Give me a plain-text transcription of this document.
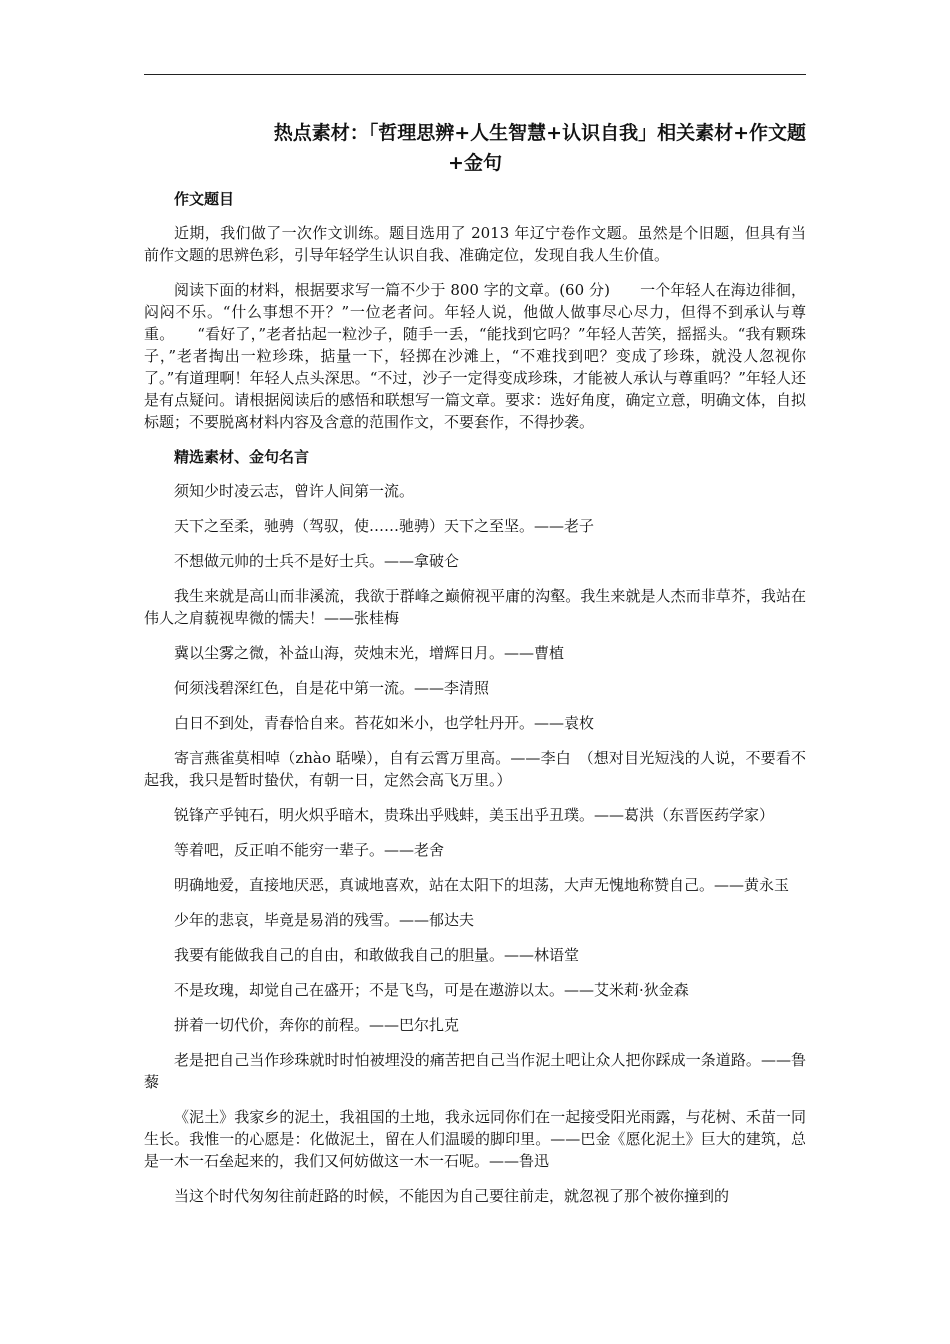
热点素材：「哲理思辨+人生智慧+认识自我」相关素材+作文题
+金句
作文题目

近期，我们做了一次作文训练。题目选用了 2013 年辽宁卷作文题。虽然是个旧题，但具有当前作文题的思辨色彩，引导年轻学生认识自我、准确定位，发现自我人生价值。

阅读下面的材料，根据要求写一篇不少于 800 字的文章。(60 分)　　一个年轻人在海边徘徊，闷闷不乐。“什么事想不开？”一位老者问。年轻人说，他做人做事尽心尽力，但得不到承认与尊重。　　“看好了，”老者拈起一粒沙子，随手一丢，“能找到它吗？”年轻人苦笑，摇摇头。“我有颗珠子，”老者掏出一粒珍珠，掂量一下，轻掷在沙滩上，“不难找到吧？变成了珍珠，就没人忽视你了。”有道理啊！年轻人点头深思。“不过，沙子一定得变成珍珠，才能被人承认与尊重吗？”年轻人还是有点疑问。请根据阅读后的感悟和联想写一篇文章。要求：选好角度，确定立意，明确文体，自拟标题；不要脱离材料内容及含意的范围作文，不要套作，不得抄袭。

精选素材、金句名言

须知少时凌云志，曾许人间第一流。

天下之至柔，驰骋（驾驭，使……驰骋）天下之至坚。——老子

不想做元帅的士兵不是好士兵。——拿破仑

我生来就是高山而非溪流，我欲于群峰之巅俯视平庸的沟壑。我生来就是人杰而非草芥，我站在伟人之肩藐视卑微的懦夫！——张桂梅

冀以尘雾之微，补益山海，荧烛末光，增辉日月。——曹植

何须浅碧深红色，自是花中第一流。——李清照

白日不到处，青春恰自来。苔花如米小，也学牡丹开。——袁枚

寄言燕雀莫相啅（zhào 聒噪），自有云霄万里高。——李白　（想对目光短浅的人说，不要看不起我，我只是暂时蛰伏，有朝一日，定然会高飞万里。）

锐锋产乎钝石，明火炽乎暗木，贵珠出乎贱蚌，美玉出乎丑璞。——葛洪（东晋医药学家）

等着吧，反正咱不能穷一辈子。——老舍

明确地爱，直接地厌恶，真诚地喜欢，站在太阳下的坦荡，大声无愧地称赞自己。——黄永玉

少年的悲哀，毕竟是易消的残雪。——郁达夫

我要有能做我自己的自由，和敢做我自己的胆量。——林语堂

不是玫瑰，却觉自己在盛开；不是飞鸟，可是在遨游以太。——艾米莉·狄金森

拼着一切代价，奔你的前程。——巴尔扎克

老是把自己当作珍珠就时时怕被埋没的痛苦把自己当作泥土吧让众人把你踩成一条道路。——鲁藜

《泥土》我家乡的泥土，我祖国的土地，我永远同你们在一起接受阳光雨露，与花树、禾苗一同生长。我惟一的心愿是：化做泥土，留在人们温暖的脚印里。——巴金《愿化泥土》巨大的建筑，总是一木一石垒起来的，我们又何妨做这一木一石呢。——鲁迅

当这个时代匆匆往前赶路的时候，不能因为自己要往前走，就忽视了那个被你撞到的
